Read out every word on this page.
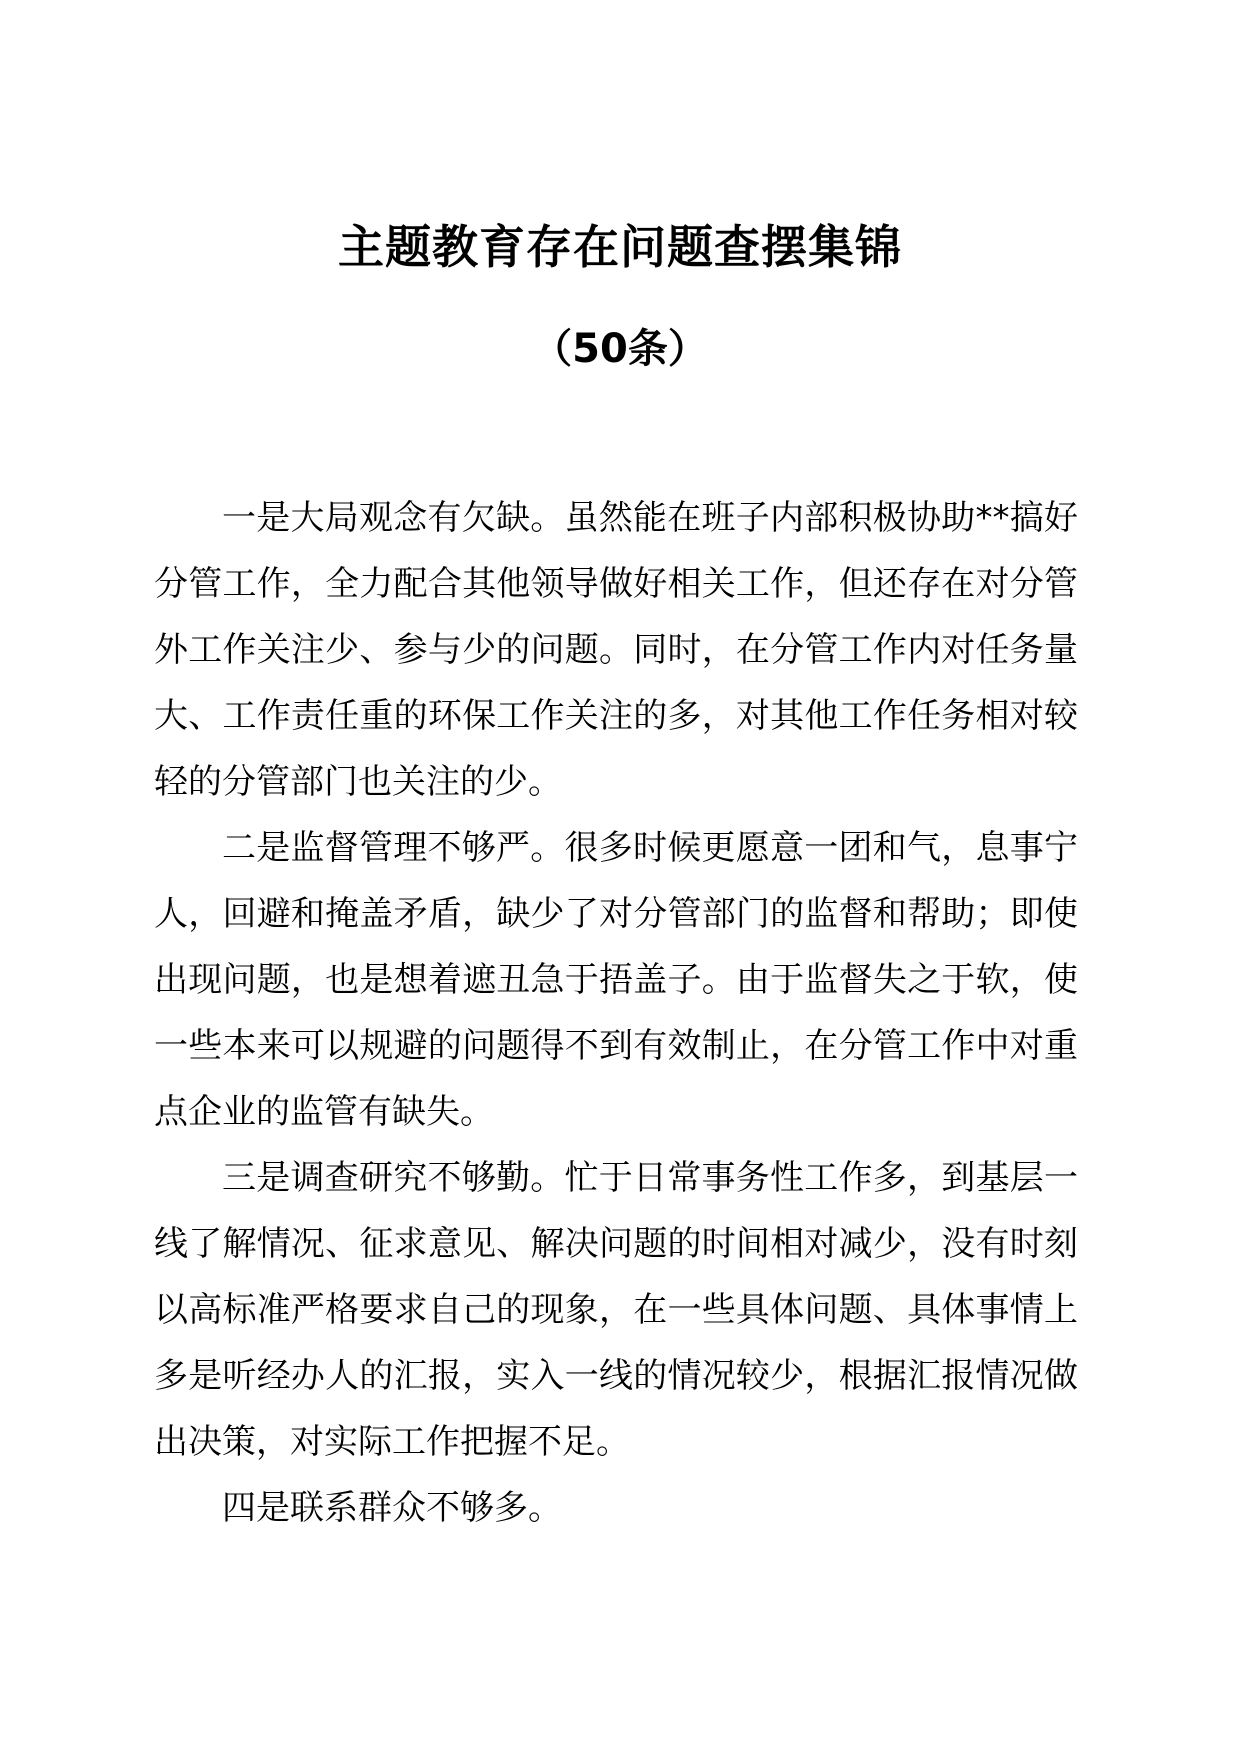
主题教育存在问题查摆集锦
（50条）

一是大局观念有欠缺。虽然能在班子内部积极协助**搞好分管工作，全力配合其他领导做好相关工作，但还存在对分管外工作关注少、参与少的问题。同时，在分管工作内对任务量大、工作责任重的环保工作关注的多，对其他工作任务相对较轻的分管部门也关注的少。

二是监督管理不够严。很多时候更愿意一团和气，息事宁人，回避和掩盖矛盾，缺少了对分管部门的监督和帮助；即使出现问题，也是想着遮丑急于捂盖子。由于监督失之于软，使一些本来可以规避的问题得不到有效制止，在分管工作中对重点企业的监管有缺失。

三是调查研究不够勤。忙于日常事务性工作多，到基层一线了解情况、征求意见、解决问题的时间相对减少，没有时刻以高标准严格要求自己的现象，在一些具体问题、具体事情上多是听经办人的汇报，实入一线的情况较少，根据汇报情况做出决策，对实际工作把握不足。

四是联系群众不够多。
